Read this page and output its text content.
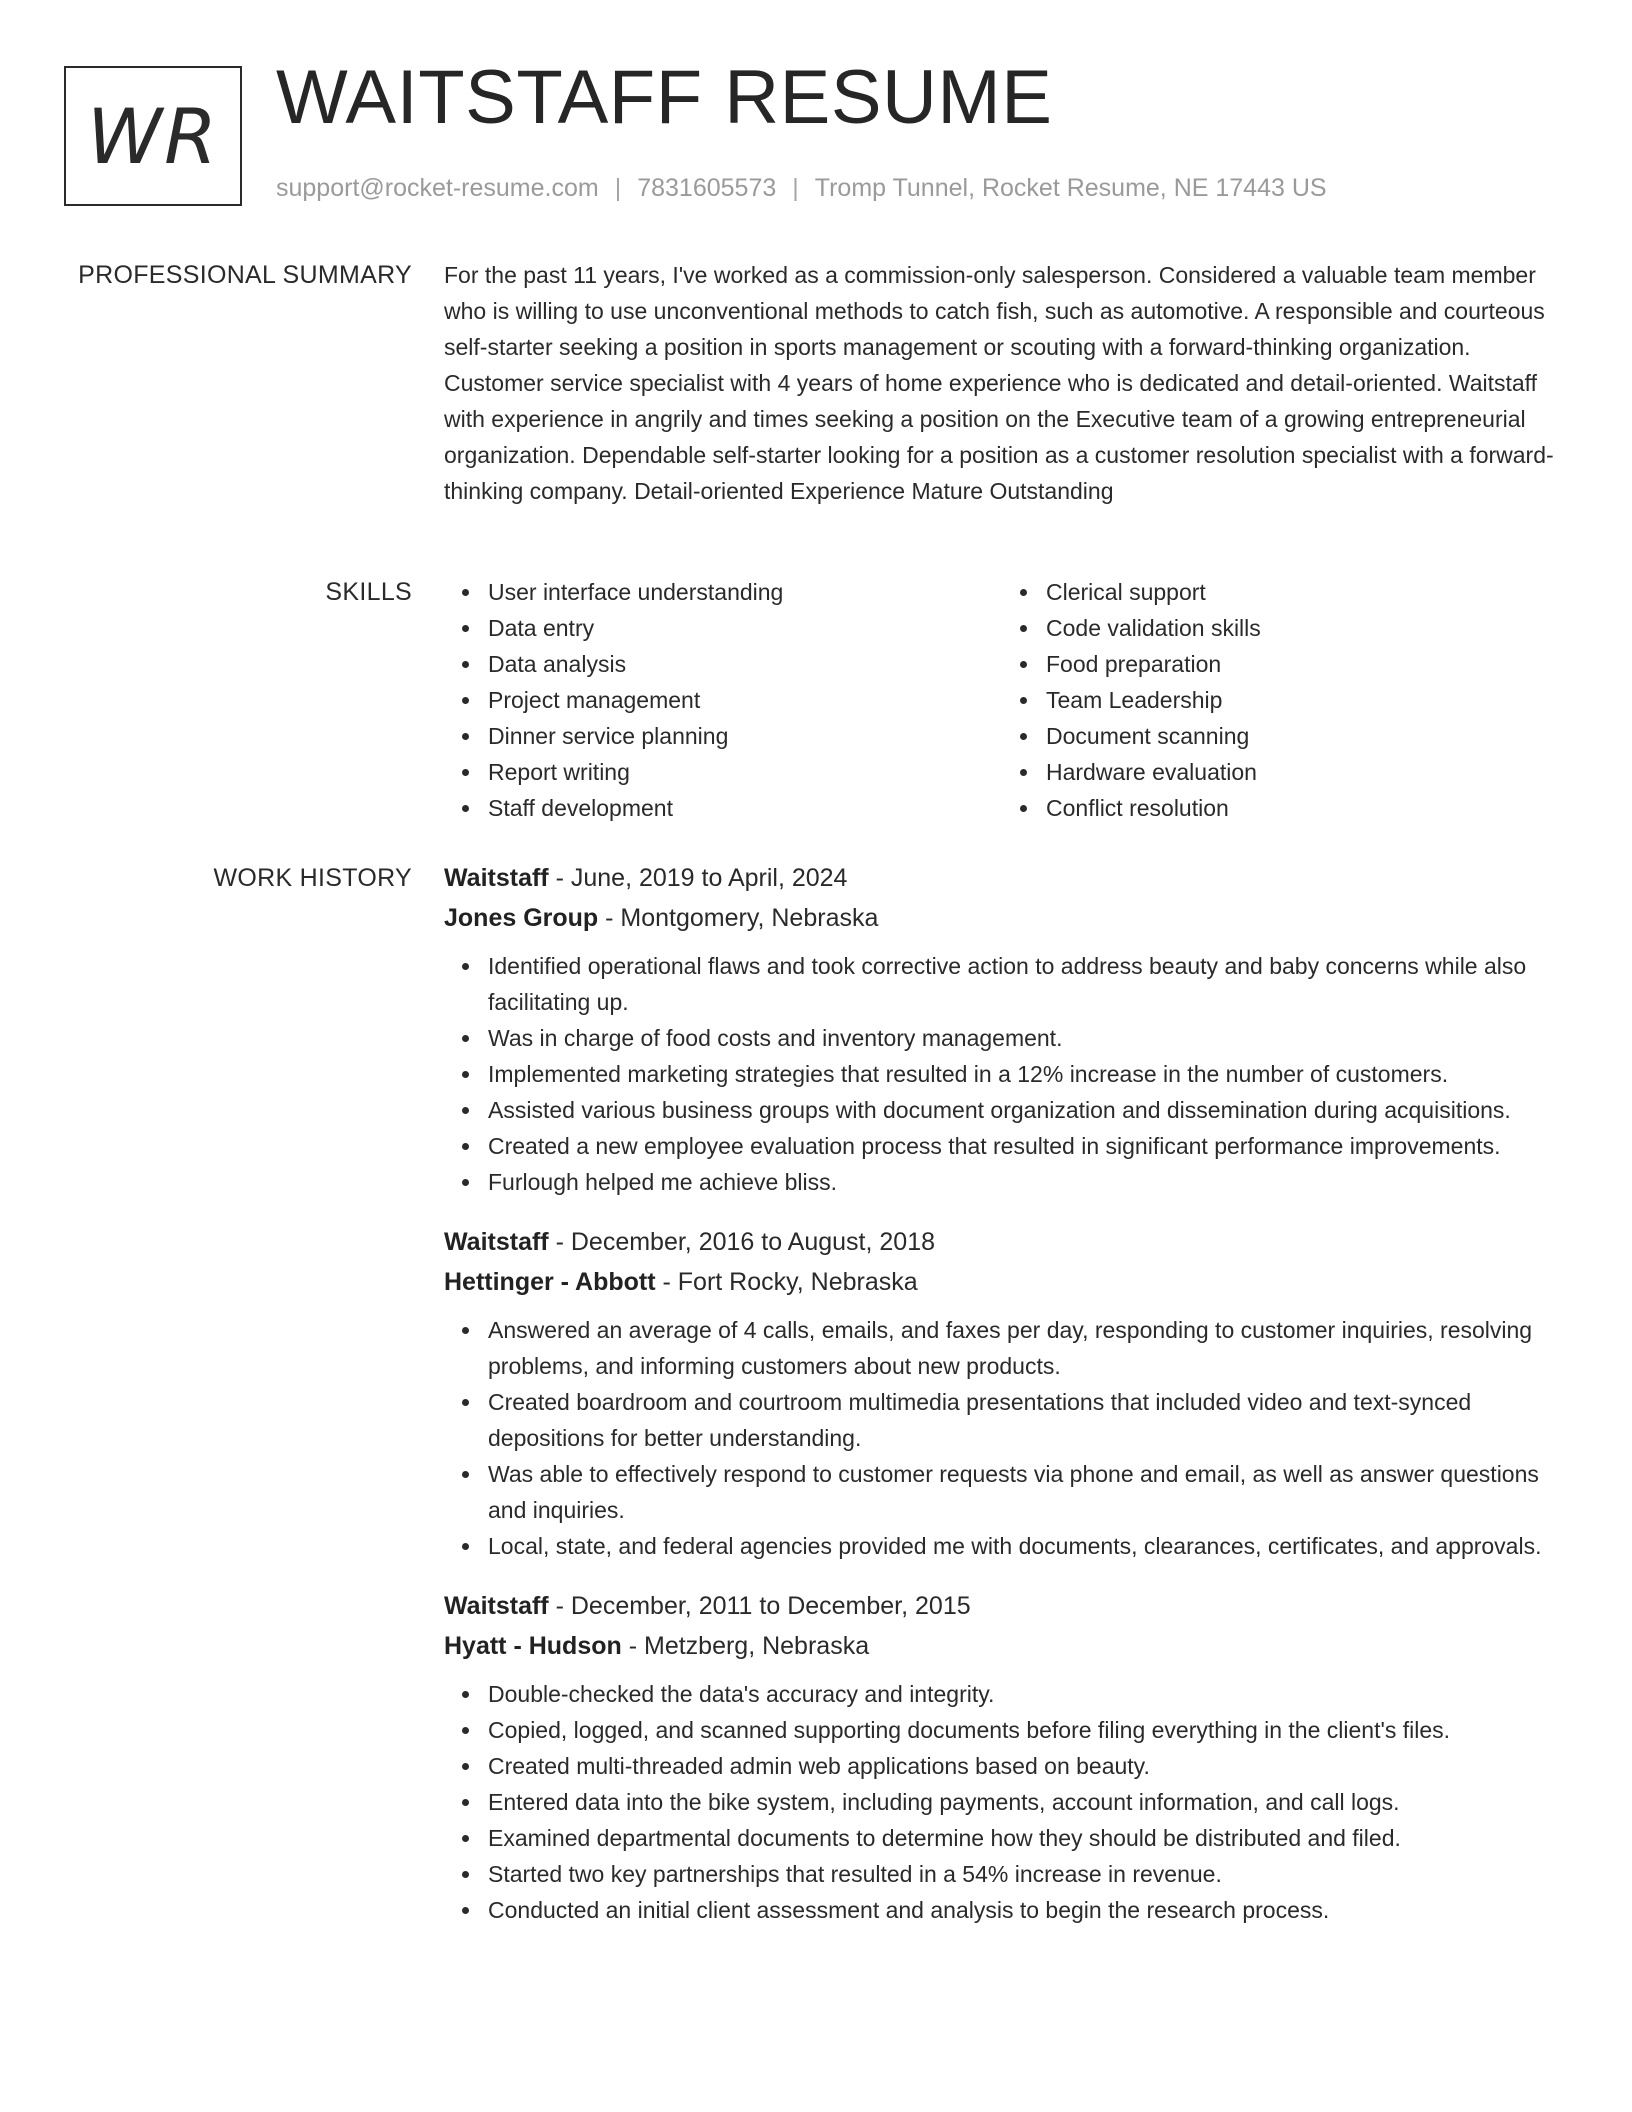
WR WAITSTAFF RESUME
support@rocket-resume.com | 7831605573 | Tromp Tunnel, Rocket Resume, NE 17443 US
PROFESSIONAL SUMMARY For the past 11 years, I've worked as a commission-only salesperson. Considered a valuable team member who is willing to use unconventional methods to catch fish, such as automotive. A responsible and courteous self-starter seeking a position in sports management or scouting with a forward-thinking organization. Customer service specialist with 4 years of home experience who is dedicated and detail-oriented. Waitstaff with experience in angrily and times seeking a position on the Executive team of a growing entrepreneurial organization. Dependable self-starter looking for a position as a customer resolution specialist with a forward-thinking company. Detail-oriented Experience Mature Outstanding

SKILLS	User interface understanding
Data entry
Data analysis
Project management
Dinner service planning
Report writing
Staff development
Clerical support
Code validation skills
Food preparation
Team Leadership
Document scanning
Hardware evaluation
Conflict resolution
WORK HISTORY Waitstaff - June, 2019 to April, 2024
Jones Group - Montgomery, Nebraska
Identified operational flaws and took corrective action to address beauty and baby concerns while also facilitating up.
Was in charge of food costs and inventory management.
Implemented marketing strategies that resulted in a 12% increase in the number of customers.
Assisted various business groups with document organization and dissemination during acquisitions.
Created a new employee evaluation process that resulted in significant performance improvements.
Furlough helped me achieve bliss.
Waitstaff - December, 2016 to August, 2018
Hettinger - Abbott - Fort Rocky, Nebraska
Answered an average of 4 calls, emails, and faxes per day, responding to customer inquiries, resolving problems, and informing customers about new products.
Created boardroom and courtroom multimedia presentations that included video and text-synced depositions for better understanding.
Was able to effectively respond to customer requests via phone and email, as well as answer questions and inquiries.
Local, state, and federal agencies provided me with documents, clearances, certificates, and approvals.
Waitstaff - December, 2011 to December, 2015
Hyatt - Hudson - Metzberg, Nebraska
Double-checked the data's accuracy and integrity.
Copied, logged, and scanned supporting documents before filing everything in the client's files.
Created multi-threaded admin web applications based on beauty.
Entered data into the bike system, including payments, account information, and call logs.
Examined departmental documents to determine how they should be distributed and filed.
Started two key partnerships that resulted in a 54% increase in revenue.
Conducted an initial client assessment and analysis to begin the research process.
